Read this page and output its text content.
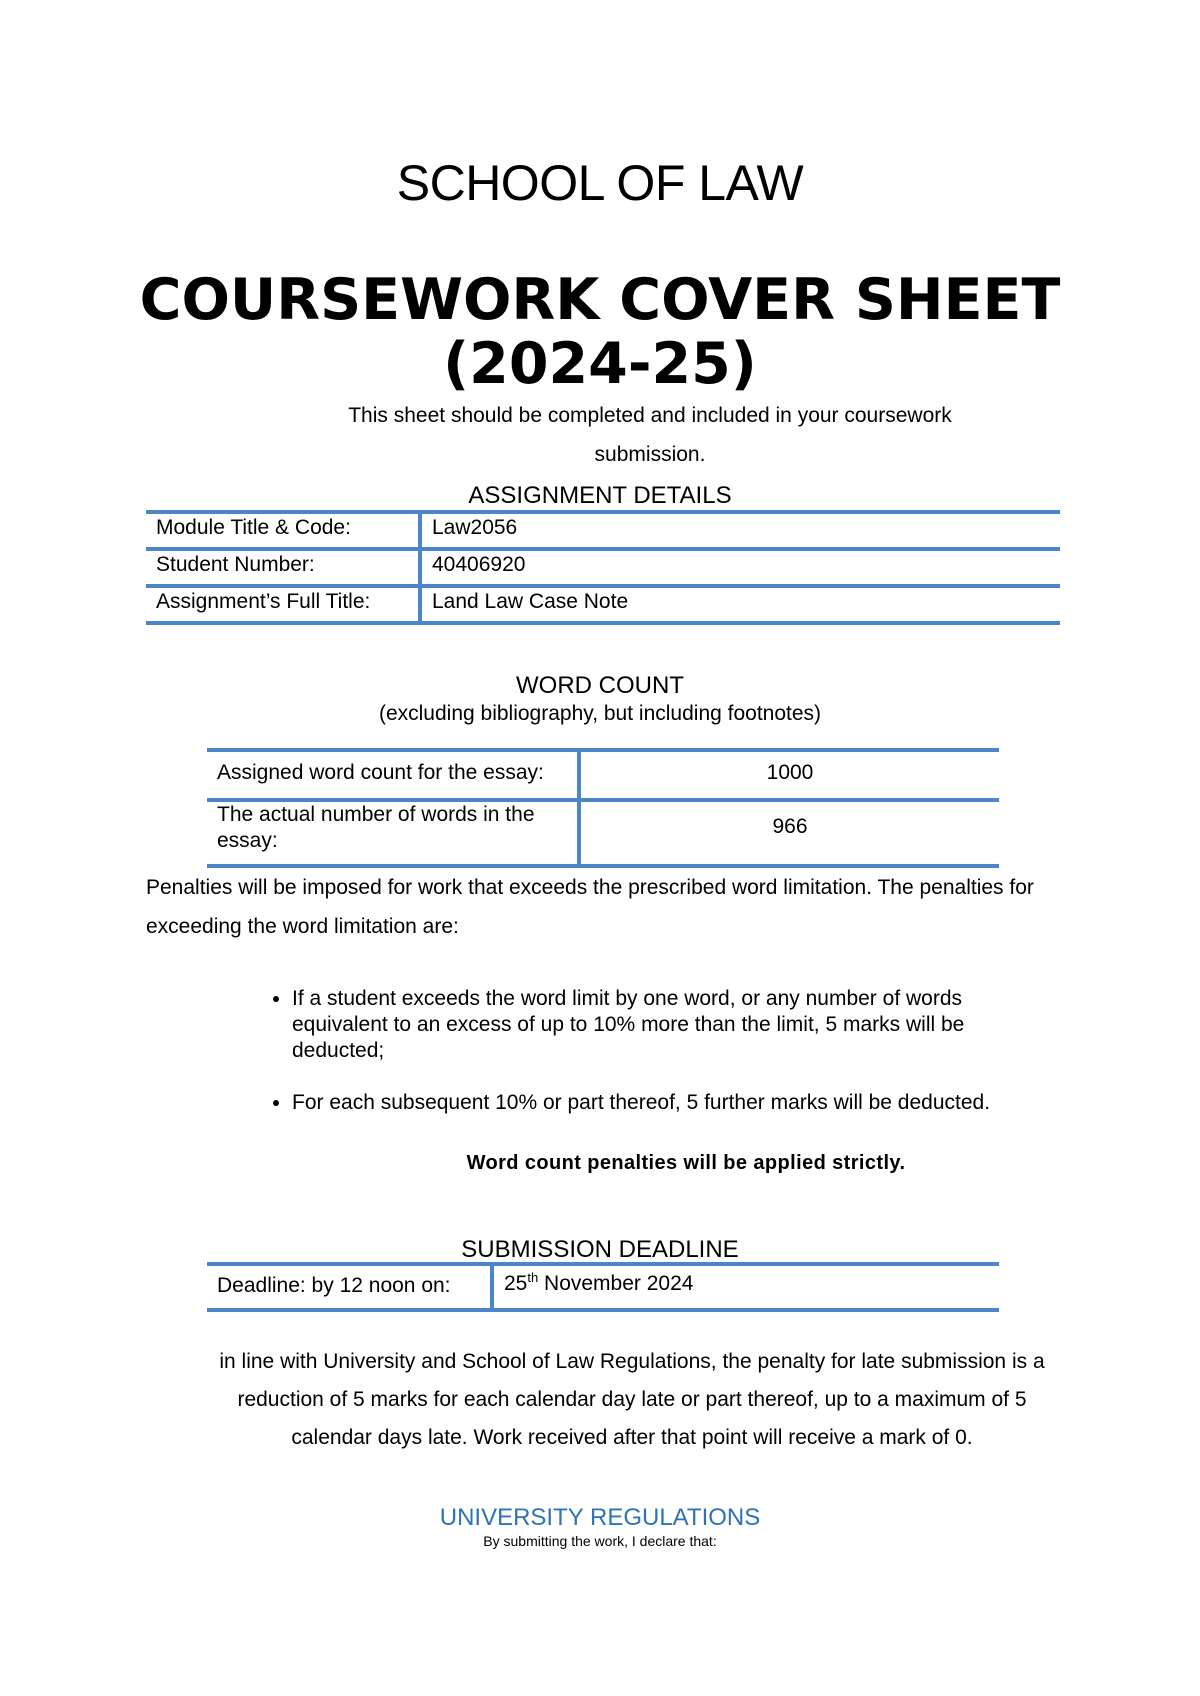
SCHOOL OF LAW
COURSEWORK COVER SHEET
(2024-25)
This sheet should be completed and included in your coursework
submission.
ASSIGNMENT DETAILS
Module Title & Code:	Law2056
Student Number:	40406920
Assignment’s Full Title:	Land Law Case Note
WORD COUNT
(excluding bibliography, but including footnotes)
Assigned word count for the essay:	1000
The actual number of words in the essay:	966
Penalties will be imposed for work that exceeds the prescribed word limitation. The penalties for exceeding the word limitation are:
• If a student exceeds the word limit by one word, or any number of words equivalent to an excess of up to 10% more than the limit, 5 marks will be deducted;
• For each subsequent 10% or part thereof, 5 further marks will be deducted.
Word count penalties will be applied strictly.
SUBMISSION DEADLINE
Deadline: by 12 noon on:	25th November 2024
in line with University and School of Law Regulations, the penalty for late submission is a reduction of 5 marks for each calendar day late or part thereof, up to a maximum of 5 calendar days late. Work received after that point will receive a mark of 0.
UNIVERSITY REGULATIONS
By submitting the work, I declare that:
